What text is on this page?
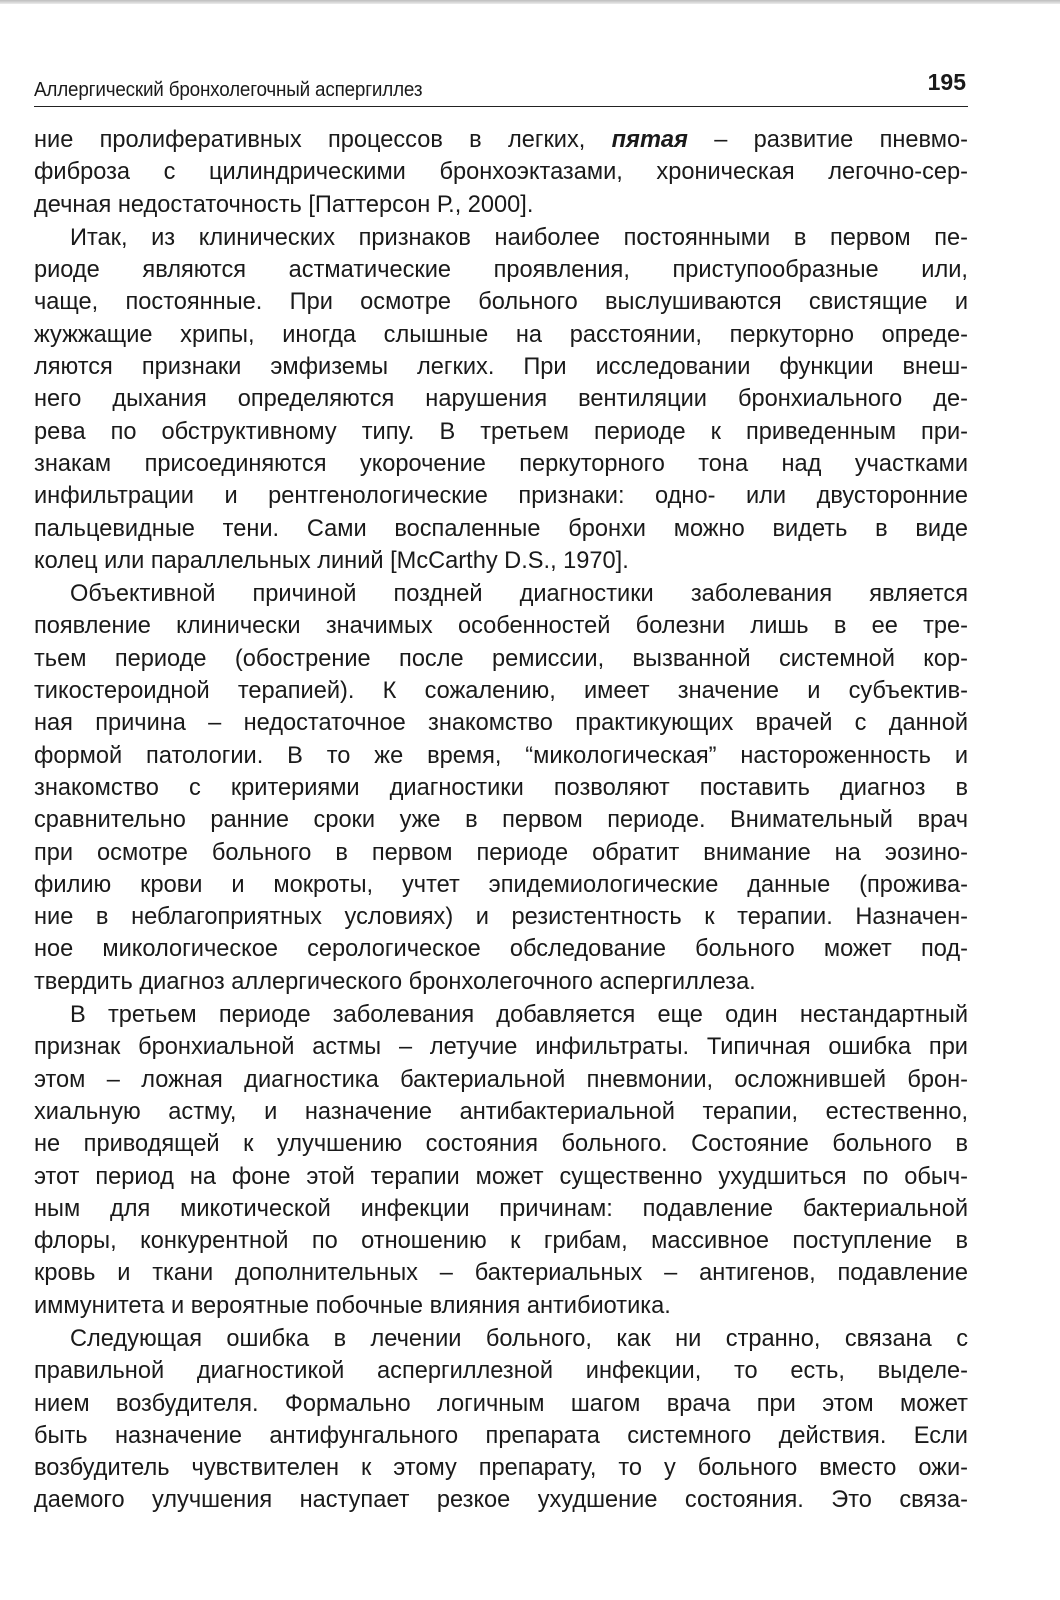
Аллергический бронхолегочный аспергиллез	195
ние пролиферативных процессов в легких, пятая – развитие пневмо-
фиброза с цилиндрическими бронхоэктазами, хроническая легочно-сер-
дечная недостаточность [Паттерсон Р., 2000].
Итак, из клинических признаков наиболее постоянными в первом пе-
риоде являются астматические проявления, приступообразные или,
чаще, постоянные. При осмотре больного выслушиваются свистящие и
жужжащие хрипы, иногда слышные на расстоянии, перкуторно опреде-
ляются признаки эмфиземы легких. При исследовании функции внеш-
него дыхания определяются нарушения вентиляции бронхиального де-
рева по обструктивному типу. В третьем периоде к приведенным при-
знакам присоединяются укорочение перкуторного тона над участками
инфильтрации и рентгенологические признаки: одно- или двусторонние
пальцевидные тени. Сами воспаленные бронхи можно видеть в виде
колец или параллельных линий [McCarthy D.S., 1970].
Объективной причиной поздней диагностики заболевания является
появление клинически значимых особенностей болезни лишь в ее тре-
тьем периоде (обострение после ремиссии, вызванной системной кор-
тикостероидной терапией). К сожалению, имеет значение и субъектив-
ная причина – недостаточное знакомство практикующих врачей с данной
формой патологии. В то же время, “микологическая” настороженность и
знакомство с критериями диагностики позволяют поставить диагноз в
сравнительно ранние сроки уже в первом периоде. Внимательный врач
при осмотре больного в первом периоде обратит внимание на эозино-
филию крови и мокроты, учтет эпидемиологические данные (прожива-
ние в неблагоприятных условиях) и резистентность к терапии. Назначен-
ное микологическое серологическое обследование больного может под-
твердить диагноз аллергического бронхолегочного аспергиллеза.
В третьем периоде заболевания добавляется еще один нестандартный
признак бронхиальной астмы – летучие инфильтраты. Типичная ошибка при
этом – ложная диагностика бактериальной пневмонии, осложнившей брон-
хиальную астму, и назначение антибактериальной терапии, естественно,
не приводящей к улучшению состояния больного. Состояние больного в
этот период на фоне этой терапии может существенно ухудшиться по обыч-
ным для микотической инфекции причинам: подавление бактериальной
флоры, конкурентной по отношению к грибам, массивное поступление в
кровь и ткани дополнительных – бактериальных – антигенов, подавление
иммунитета и вероятные побочные влияния антибиотика.
Следующая ошибка в лечении больного, как ни странно, связана с
правильной диагностикой аспергиллезной инфекции, то есть, выделе-
нием возбудителя. Формально логичным шагом врача при этом может
быть назначение антифунгального препарата системного действия. Если
возбудитель чувствителен к этому препарату, то у больного вместо ожи-
даемого улучшения наступает резкое ухудшение состояния. Это связа-
